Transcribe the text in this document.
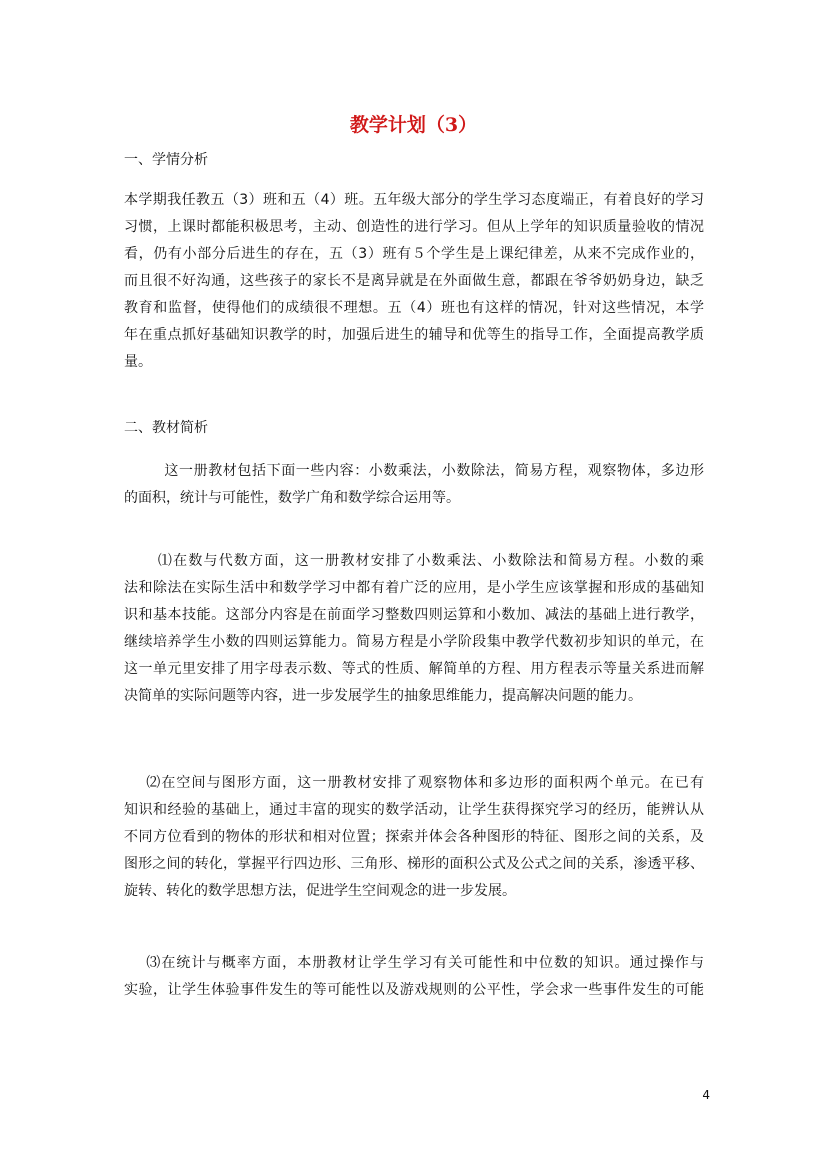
教学计划（3）
一、学情分析
本学期我任教五（3）班和五（4）班。五年级大部分的学生学习态度端正，有着良好的学习
习惯，上课时都能积极思考，主动、创造性的进行学习。但从上学年的知识质量验收的情况
看，仍有小部分后进生的存在，五（3）班有５个学生是上课纪律差，从来不完成作业的，
而且很不好沟通，这些孩子的家长不是离异就是在外面做生意，都跟在爷爷奶奶身边，缺乏
教育和监督，使得他们的成绩很不理想。五（4）班也有这样的情况，针对这些情况，本学
年在重点抓好基础知识教学的时，加强后进生的辅导和优等生的指导工作，全面提高教学质
量。
二、教材简析
这一册教材包括下面一些内容：小数乘法，小数除法，简易方程，观察物体，多边形
的面积，统计与可能性，数学广角和数学综合运用等。
⑴在数与代数方面，这一册教材安排了小数乘法、小数除法和简易方程。小数的乘
法和除法在实际生活中和数学学习中都有着广泛的应用，是小学生应该掌握和形成的基础知
识和基本技能。这部分内容是在前面学习整数四则运算和小数加、减法的基础上进行教学，
继续培养学生小数的四则运算能力。简易方程是小学阶段集中教学代数初步知识的单元，在
这一单元里安排了用字母表示数、等式的性质、解简单的方程、用方程表示等量关系进而解
决简单的实际问题等内容，进一步发展学生的抽象思维能力，提高解决问题的能力。
⑵在空间与图形方面，这一册教材安排了观察物体和多边形的面积两个单元。在已有
知识和经验的基础上，通过丰富的现实的数学活动，让学生获得探究学习的经历，能辨认从
不同方位看到的物体的形状和相对位置；探索并体会各种图形的特征、图形之间的关系，及
图形之间的转化，掌握平行四边形、三角形、梯形的面积公式及公式之间的关系，渗透平移、
旋转、转化的数学思想方法，促进学生空间观念的进一步发展。
⑶在统计与概率方面，本册教材让学生学习有关可能性和中位数的知识。通过操作与
实验，让学生体验事件发生的等可能性以及游戏规则的公平性，学会求一些事件发生的可能
4
